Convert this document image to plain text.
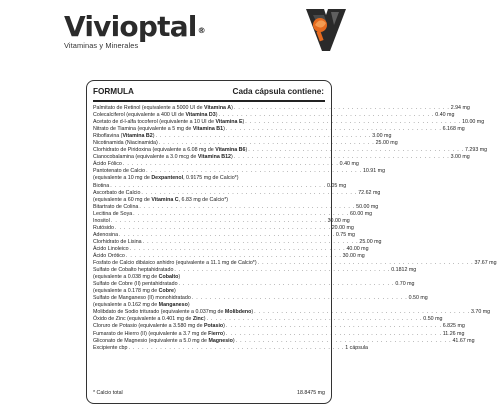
Vivioptal®
Vitaminas y Minerales
FORMULA	Cada cápsula contiene:
Palmitato de Retinol (equivalente a 5000 UI de Vitamina A) . . . . . . . . . . . . . . . . . . . . . . . . . . . . . . . . . . . . . . . . . . . . . . . . 2.94 mg
Colecalciferol (equivalente a 400 UI de Vitamina D3) . . . . . . . . . . . . . . . . . . . . . . . . . . . . . . . . . . . . . . . . . . . . . . . . 0.40 mg
Acetato de d-l-alfa tocoferol (equivalente a 10 UI de Vitamina E) . . . . . . . . . . . . . . . . . . . . . . . . . . . . . . . . . . . . . . . . . . . . . . . . 10.00 mg
Nitrato de Tiamina (equivalente a 5 mg de Vitamina B1) . . . . . . . . . . . . . . . . . . . . . . . . . . . . . . . . . . . . . . . . . . . . . . . . 6.168 mg
Riboflavina (Vitamina B2) . . . . . . . . . . . . . . . . . . . . . . . . . . . . . . . . . . . . . . . . . . . . . . . . 3.00 mg
Nicotinamida (Niacinamida) . . . . . . . . . . . . . . . . . . . . . . . . . . . . . . . . . . . . . . . . . . . . . . . . 25.00 mg
Clorhidrato de Piridoxina (equivalente a 6.08 mg de Vitamina B6) . . . . . . . . . . . . . . . . . . . . . . . . . . . . . . . . . . . . . . . . . . . . . . . . 7.293 mg
Cianocobalamina (equivalente a 3.0 mcg de Vitamina B12) . . . . . . . . . . . . . . . . . . . . . . . . . . . . . . . . . . . . . . . . . . . . . . . . 3.00 mg
Ácido Fólico . . . . . . . . . . . . . . . . . . . . . . . . . . . . . . . . . . . . . . . . . . . . . . . . 0.40 mg
Pantotenato de Calcio . . . . . . . . . . . . . . . . . . . . . . . . . . . . . . . . . . . . . . . . . . . . . . . . 10.91 mg
(equivalente a 10 mg de Dexpantenol, 0.9175 mg de Calcio*)
Biotina . . . . . . . . . . . . . . . . . . . . . . . . . . . . . . . . . . . . . . . . . . . . . . . . 0.05 mg
Ascorbato de Calcio . . . . . . . . . . . . . . . . . . . . . . . . . . . . . . . . . . . . . . . . . . . . . . . . 72.62 mg
(equivalente a 60 mg de Vitamina C, 6.83 mg de Calcio*)
Bitartrato de Colina . . . . . . . . . . . . . . . . . . . . . . . . . . . . . . . . . . . . . . . . . . . . . . . . 50.00 mg
Lecitina de Soya . . . . . . . . . . . . . . . . . . . . . . . . . . . . . . . . . . . . . . . . . . . . . . . . 60.00 mg
Inositol . . . . . . . . . . . . . . . . . . . . . . . . . . . . . . . . . . . . . . . . . . . . . . . . 30.00 mg
Rutósido . . . . . . . . . . . . . . . . . . . . . . . . . . . . . . . . . . . . . . . . . . . . . . . . 20.00 mg
Adenosina . . . . . . . . . . . . . . . . . . . . . . . . . . . . . . . . . . . . . . . . . . . . . . . . 0.75 mg
Clorhidrato de Lisina . . . . . . . . . . . . . . . . . . . . . . . . . . . . . . . . . . . . . . . . . . . . . . . . 25.00 mg
Ácido Linoleico . . . . . . . . . . . . . . . . . . . . . . . . . . . . . . . . . . . . . . . . . . . . . . . . 40.00 mg
Ácido Orótico . . . . . . . . . . . . . . . . . . . . . . . . . . . . . . . . . . . . . . . . . . . . . . . . 30.00 mg
Fosfato de Calcio dibásico anhidro (equivalente a 11.1 mg de Calcio*) . . . . . . . . . . . . . . . . . . . . . . . . . . . . . . . . . . . . . . . . . . . . . . . . 37.67 mg
Sulfato de Cobalto heptahidratado . . . . . . . . . . . . . . . . . . . . . . . . . . . . . . . . . . . . . . . . . . . . . . . . 0.1812 mg
(equivalente a 0.038 mg de Cobalto)
Sulfato de Cobre (II) pentahidratado . . . . . . . . . . . . . . . . . . . . . . . . . . . . . . . . . . . . . . . . . . . . . . . . 0.70 mg
(equivalente a 0.178 mg de Cobre)
Sulfato de Manganeso (II) monohidratado . . . . . . . . . . . . . . . . . . . . . . . . . . . . . . . . . . . . . . . . . . . . . . . . 0.50 mg
(equivalente a 0.162 mg de Manganeso)
Molibdato de Sodio triturado (equivalente a 0.037mg de Molibdeno) . . . . . . . . . . . . . . . . . . . . . . . . . . . . . . . . . . . . . . . . . . . . . . . . 3.70 mg
Óxido de Zinc (equivalente a 0.401 mg de Zinc) . . . . . . . . . . . . . . . . . . . . . . . . . . . . . . . . . . . . . . . . . . . . . . . . 0.50 mg
Cloruro de Potasio (equivalente a 3.580 mg de Potasio) . . . . . . . . . . . . . . . . . . . . . . . . . . . . . . . . . . . . . . . . . . . . . . . . 6.825 mg
Fumarato de Hierro (II) (equivalente a 3.7 mg de Fierro) . . . . . . . . . . . . . . . . . . . . . . . . . . . . . . . . . . . . . . . . . . . . . . . . 11.26 mg
Gliconato de Magnesio (equivalente a 5.0 mg de Magnesio) . . . . . . . . . . . . . . . . . . . . . . . . . . . . . . . . . . . . . . . . . . . . . . . . 41.67 mg
Excipiente cbp . . . . . . . . . . . . . . . . . . . . . . . . . . . . . . . . . . . . . . . . . . . . . . . . 1 cápsula
* Calcio total	18.8475 mg
